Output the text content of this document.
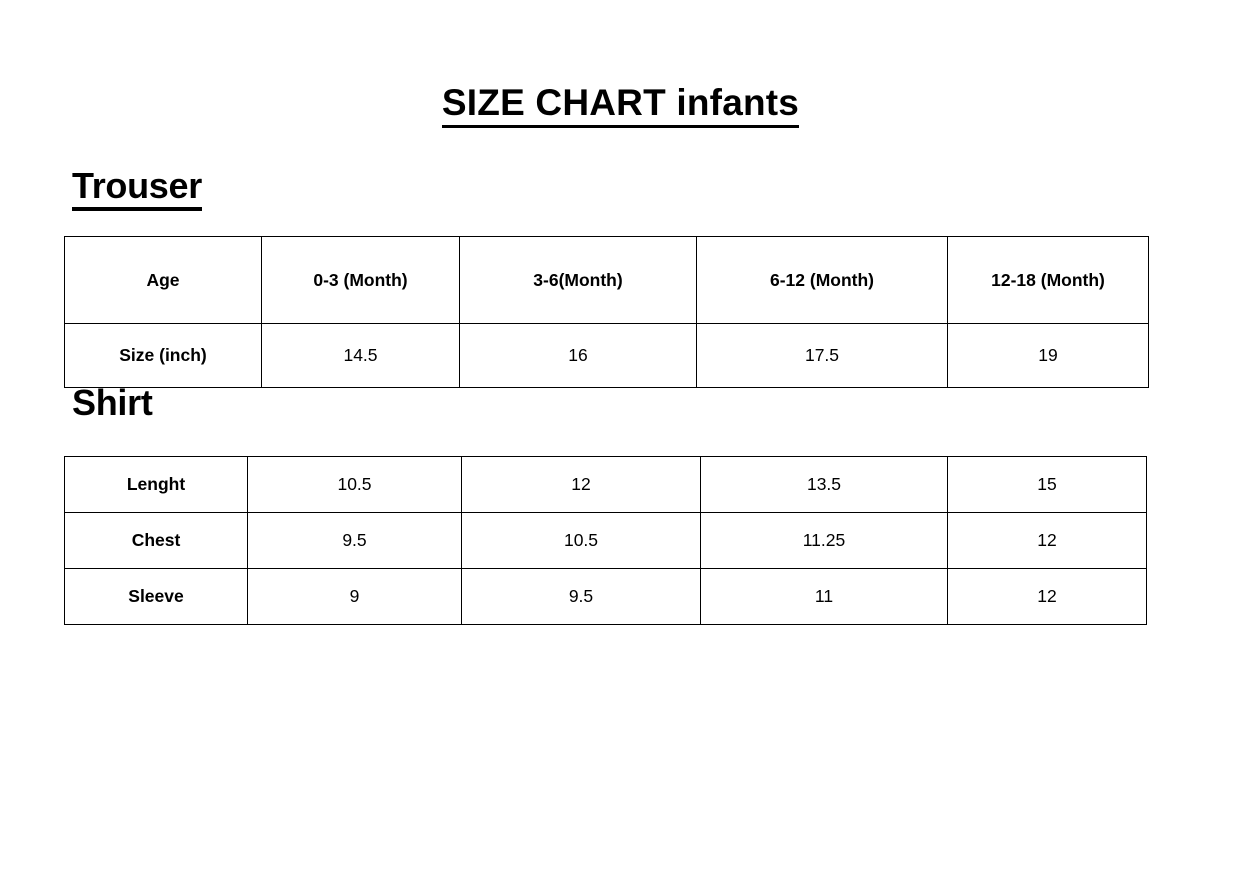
SIZE CHART infants
Trouser
Age	0-3 (Month)	3-6(Month)	6-12 (Month)	12-18 (Month)
Size (inch)	14.5	16	17.5	19
Shirt
Lenght	10.5	12	13.5	15
Chest	9.5	10.5	11.25	12
Sleeve	9	9.5	11	12
